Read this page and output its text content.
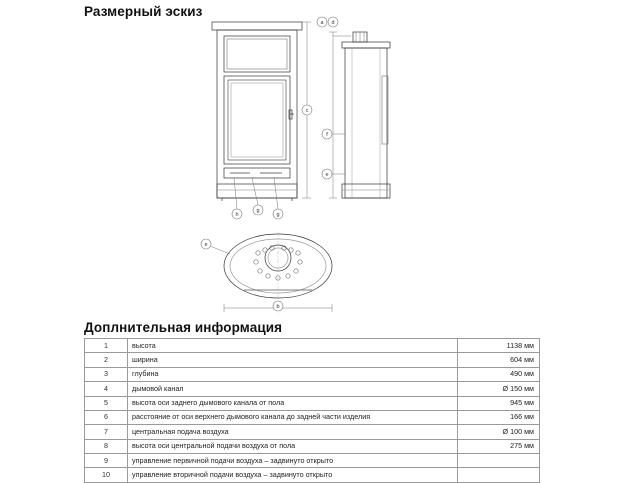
Размерный эскиз
a
c
d
f
e
g
h	g
e
b
Доплнительная информация
1	высота	1138 мм
2	ширина	604 мм
3	глубина	490 мм
4	дымовой канал	Ø 150 мм
5	высота оси заднего дымового канала от пола	945 мм
6	расстояние от оси верхнего дымового канала до задней части изделия	166 мм
7	центральная подача воздуха	Ø 100 мм
8	высота оси центральной подачи воздуха от пола	275 мм
9	управление первичной подачи воздуха – задвинуто открыто	
10	управление вторичной подачи воздуха – задвинуто открыто	
